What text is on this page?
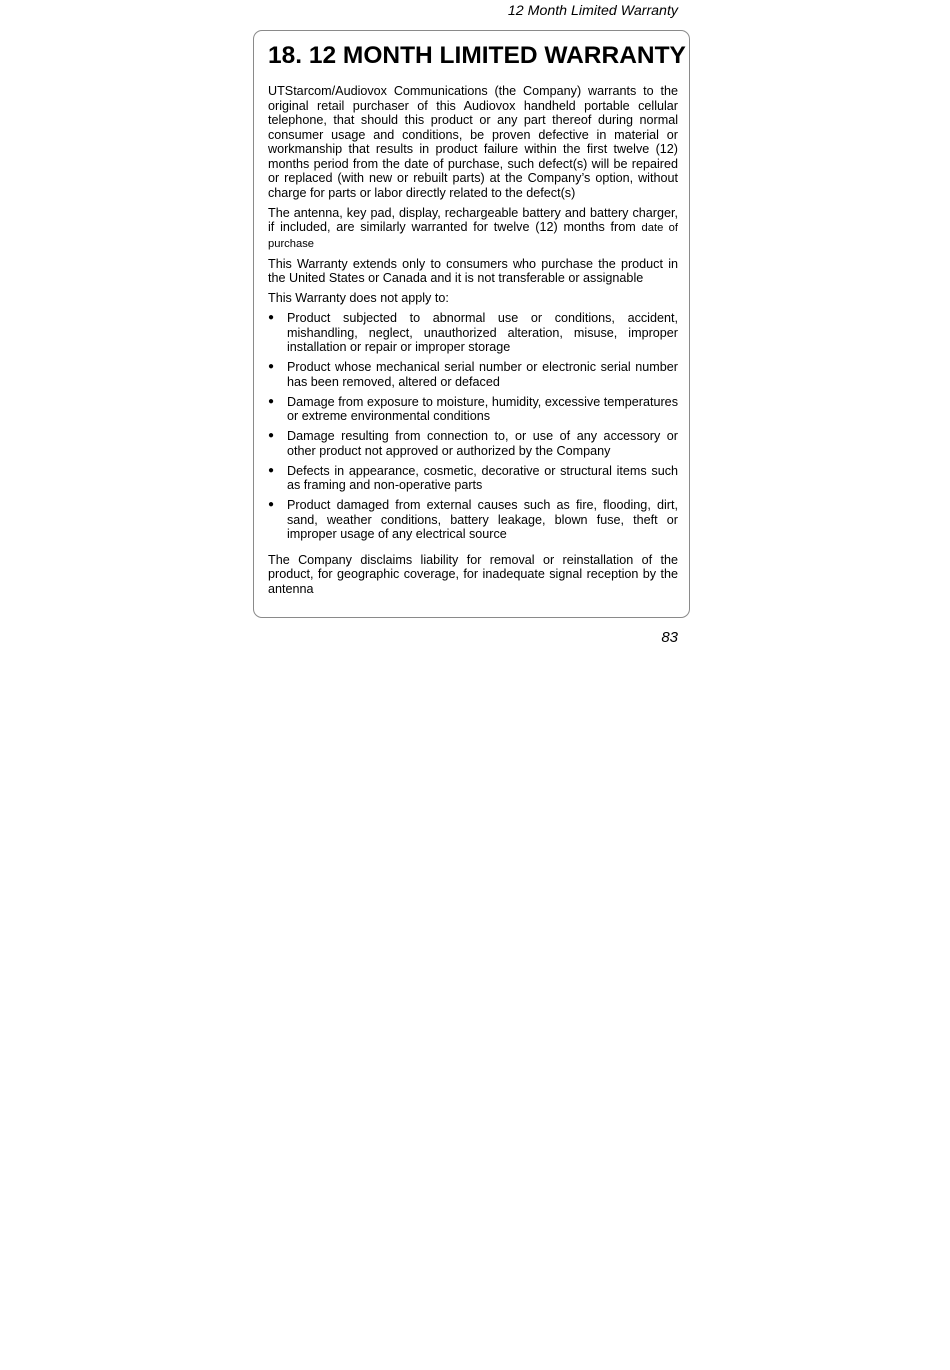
12 Month Limited Warranty
18. 12 MONTH LIMITED WARRANTY

UTStarcom/Audiovox Communications (the Company) warrants to the original retail purchaser of this Audiovox handheld portable cellular telephone, that should this product or any part thereof during normal consumer usage and conditions, be proven defective in material or workmanship that results in product failure within the first twelve (12) months period from the date of purchase, such defect(s) will be repaired or replaced (with new or rebuilt parts) at the Company’s option, without charge for parts or labor directly related to the defect(s)

The antenna, key pad, display, rechargeable battery and battery charger, if included, are similarly warranted for twelve (12) months from date of purchase

This Warranty extends only to consumers who purchase the product in the United States or Canada and it is not transferable or assignable

This Warranty does not apply to:

● Product subjected to abnormal use or conditions, accident, mishandling, neglect, unauthorized alteration, misuse, improper installation or repair or improper storage
● Product whose mechanical serial number or electronic serial number has been removed, altered or defaced
● Damage from exposure to moisture, humidity, excessive temperatures or extreme environmental conditions
● Damage resulting from connection to, or use of any accessory or other product not approved or authorized by the Company
● Defects in appearance, cosmetic, decorative or structural items such as framing and non-operative parts
● Product damaged from external causes such as fire, flooding, dirt, sand, weather conditions, battery leakage, blown fuse, theft or improper usage of any electrical source

The Company disclaims liability for removal or reinstallation of the product, for geographic coverage, for inadequate signal reception by the antenna

83
